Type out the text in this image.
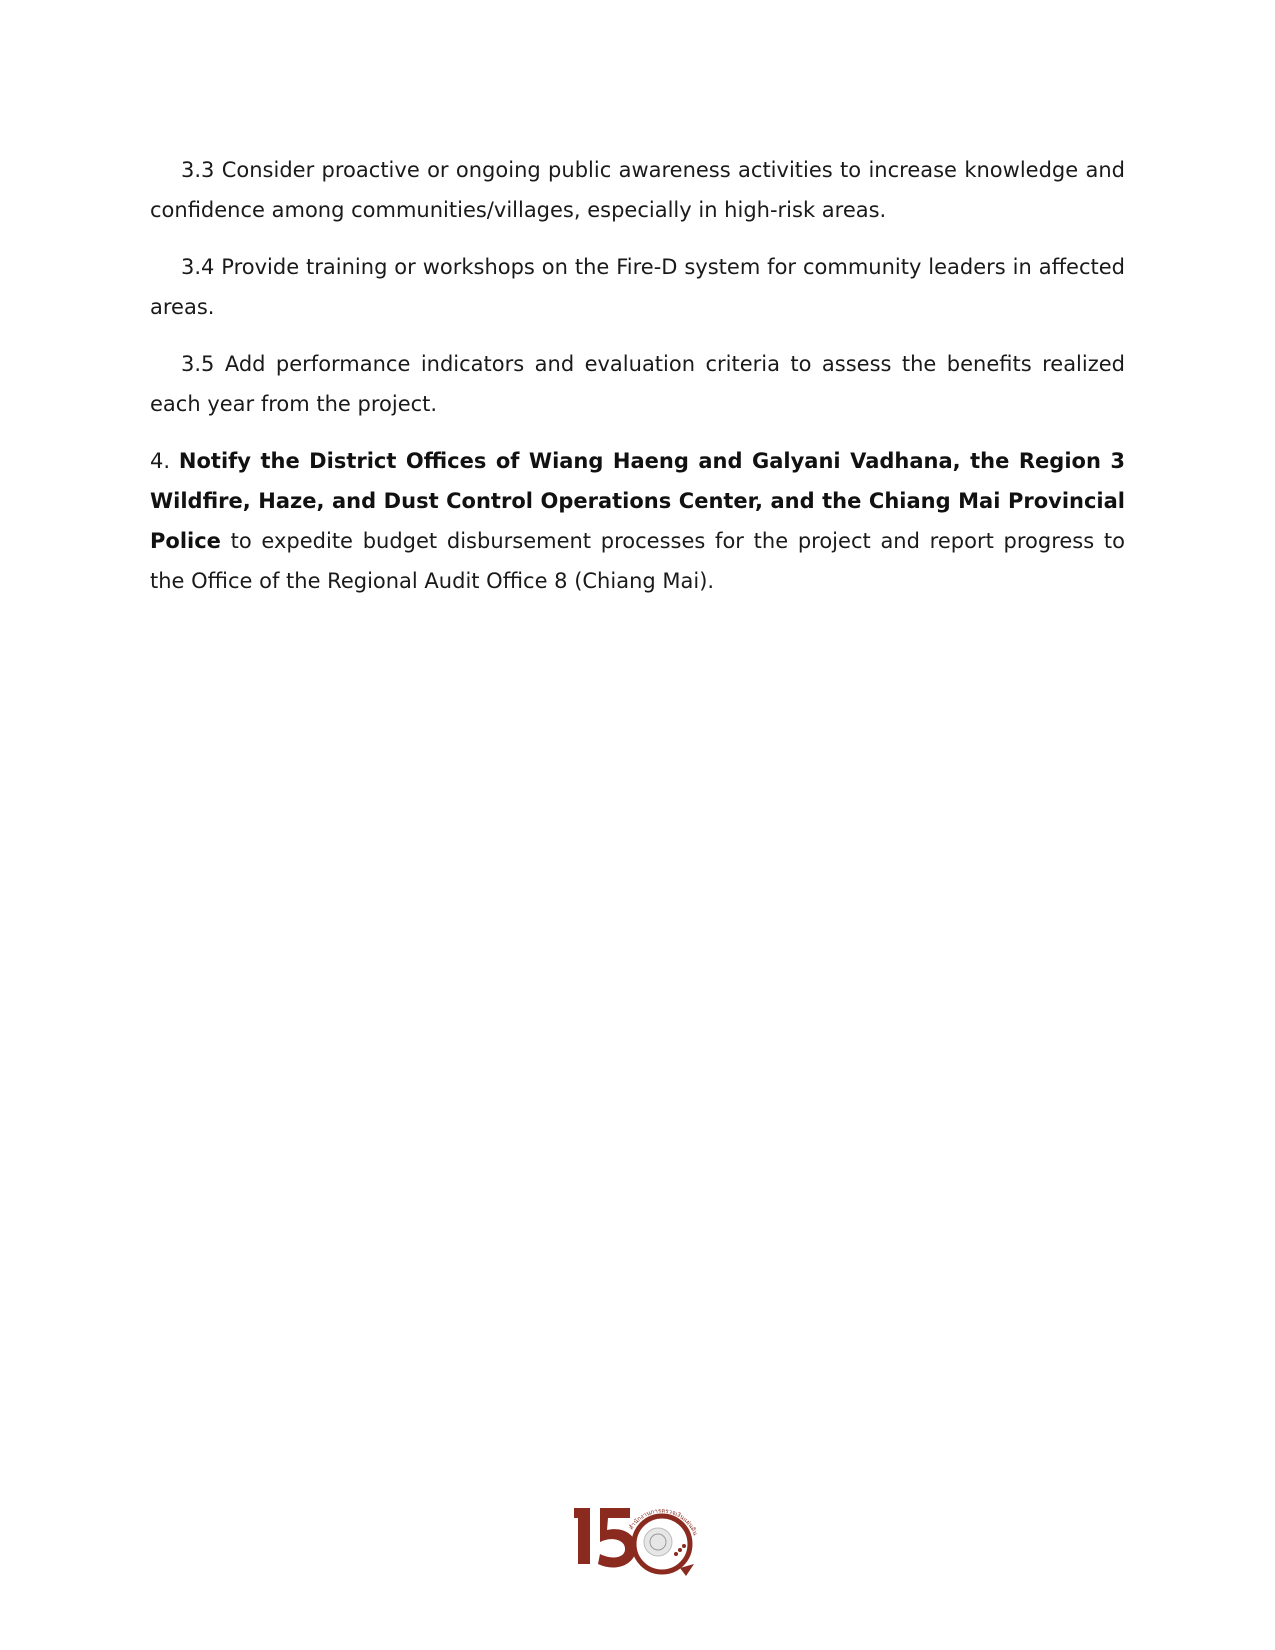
3.3 Consider proactive or ongoing public awareness activities to increase knowledge and confidence among communities/villages, especially in high-risk areas.

3.4 Provide training or workshops on the Fire-D system for community leaders in affected areas.

3.5 Add performance indicators and evaluation criteria to assess the benefits realized each year from the project.

4. Notify the District Offices of Wiang Haeng and Galyani Vadhana, the Region 3 Wildfire, Haze, and Dust Control Operations Center, and the Chiang Mai Provincial Police to expedite budget disbursement processes for the project and report progress to the Office of the Regional Audit Office 8 (Chiang Mai).

สำนักงานการตรวจเงินแผ่นดิน
